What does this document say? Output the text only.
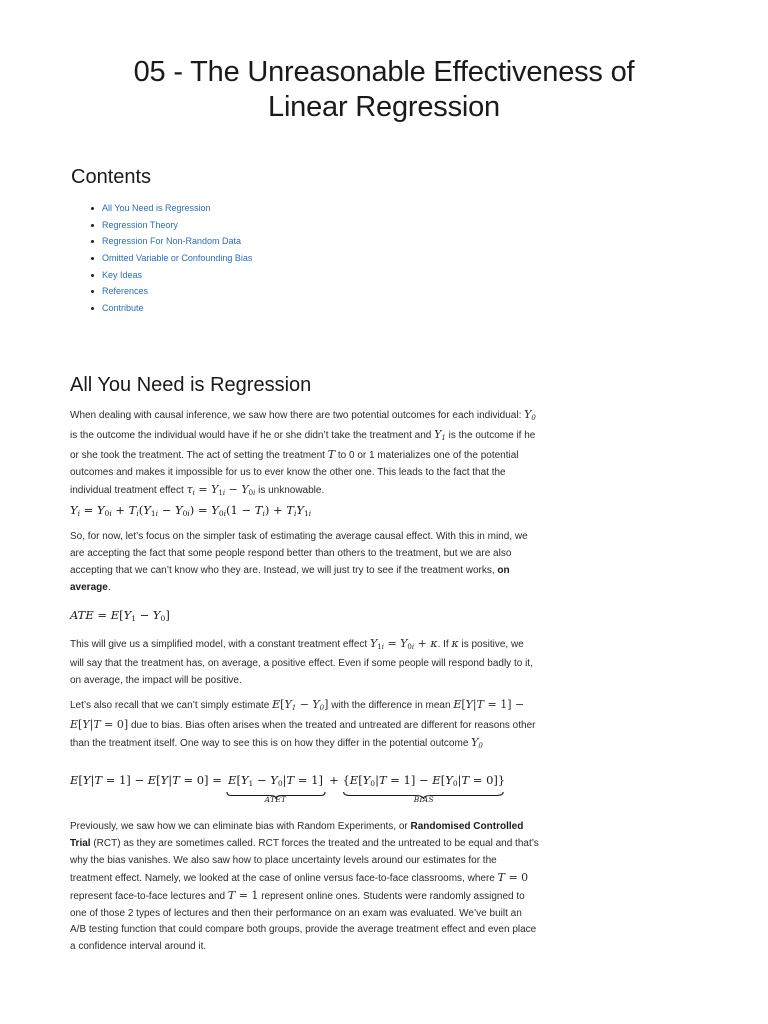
05 - The Unreasonable Effectiveness of
Linear Regression
Contents
All You Need is Regression
Regression Theory
Regression For Non-Random Data
Omitted Variable or Confounding Bias
Key Ideas
References
Contribute
All You Need is Regression

When dealing with causal inference, we saw how there are two potential outcomes for each individual: $Y_0$ is the outcome the individual would have if he or she didn’t take the treatment and $Y_1$ is the outcome if he or she took the treatment. The act of setting the treatment T to 0 or 1 materializes one of the potential outcomes and makes it impossible for us to ever know the other one. This leads to the fact that the individual treatment effect $\tau_i = Y_{1i} - Y_{0i}$ is unknowable.

$Y_i = Y_{0i} + T_i(Y_{1i} - Y_{0i}) = Y_{0i}(1 - T_i) + T_iY_{1i}$

So, for now, let’s focus on the simpler task of estimating the average causal effect. With this in mind, we are accepting the fact that some people respond better than others to the treatment, but we are also accepting that we can’t know who they are. Instead, we will just try to see if the treatment works, on average.

ATE = $E[Y_1 - Y_0]$

This will give us a simplified model, with a constant treatment effect $Y_{1i} = Y_{0i} + \kappa$. If κ is positive, we will say that the treatment has, on average, a positive effect. Even if some people will respond badly to it, on average, the impact will be positive.

Let’s also recall that we can’t simply estimate $E[Y_1 - Y_0]$ with the difference in mean E[Y|T = 1] − E[Y|T = 0] due to bias. Bias often arises when the treated and untreated are different for reasons other than the treatment itself. One way to see this is on how they differ in the potential outcome $Y_0$

$E[Y|T = 1] - E[Y|T = 0] = E[Y_1 - Y_0|T = 1]$
ATET
+ $\{E[Y_0|T = 1] - E[Y_0|T = 0]\}$
BIAS

Previously, we saw how we can eliminate bias with Random Experiments, or Randomised Controlled Trial (RCT) as they are sometimes called. RCT forces the treated and the untreated to be equal and that’s why the bias vanishes. We also saw how to place uncertainty levels around our estimates for the treatment effect. Namely, we looked at the case of online versus face-to-face classrooms, where T = 0 represent face-to-face lectures and T = 1 represent online ones. Students were randomly assigned to one of those 2 types of lectures and then their performance on an exam was evaluated. We’ve built an A/B testing function that could compare both groups, provide the average treatment effect and even place a confidence interval around it.
